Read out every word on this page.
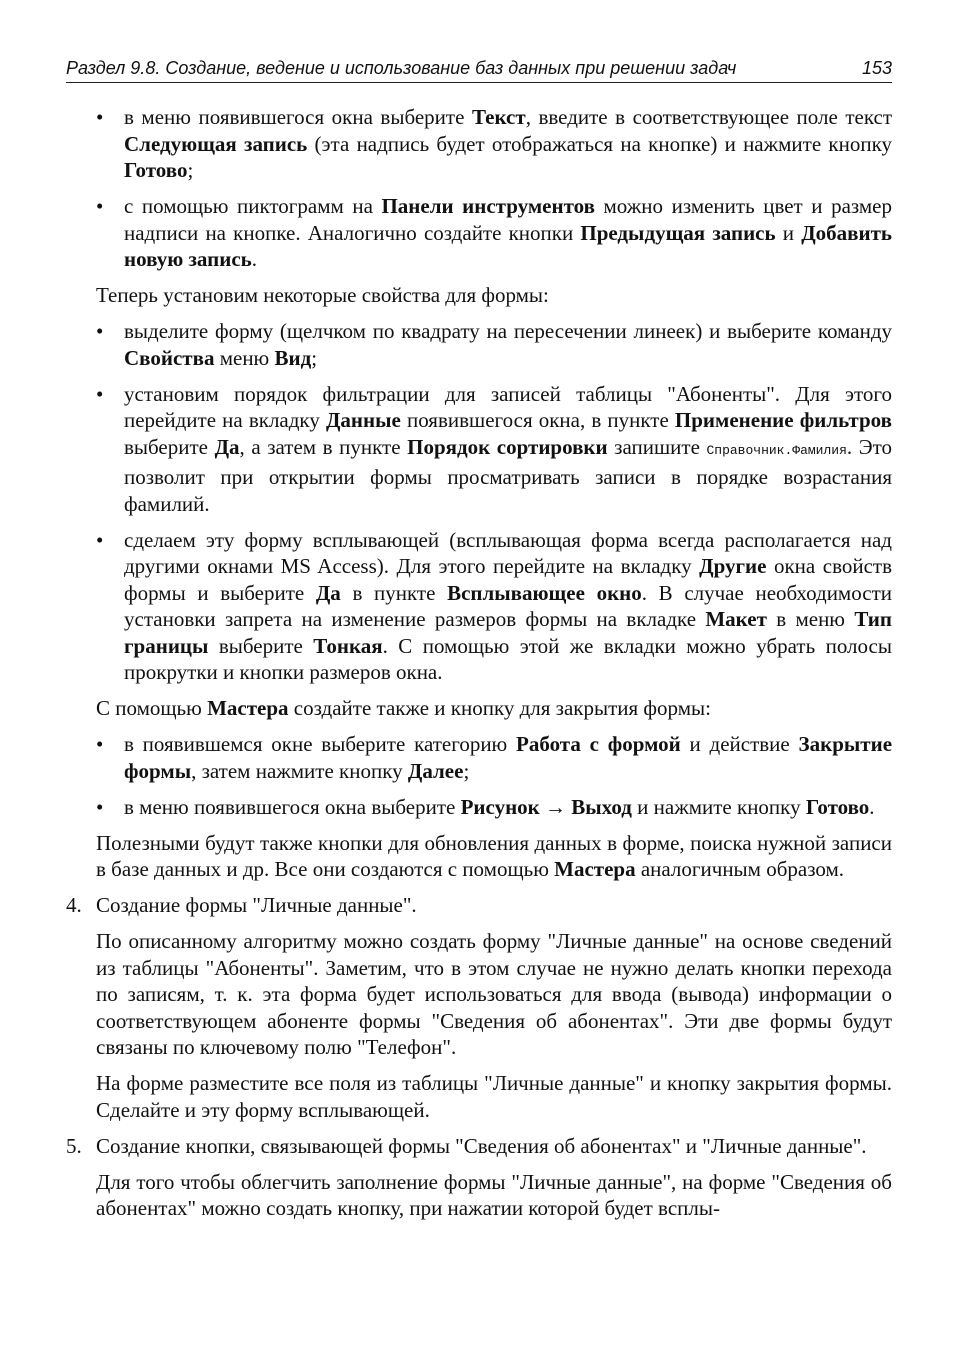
Раздел 9.8. Создание, ведение и использование баз данных при решении задач	153
• в меню появившегося окна выберите Текст, введите в соответствующее поле текст Следующая запись (эта надпись будет отображаться на кнопке) и нажмите кнопку Готово;
• с помощью пиктограмм на Панели инструментов можно изменить цвет и размер надписи на кнопке. Аналогично создайте кнопки Предыдущая запись и Добавить новую запись.

Теперь установим некоторые свойства для формы:

• выделите форму (щелчком по квадрату на пересечении линеек) и выберите команду Свойства меню Вид;
• установим порядок фильтрации для записей таблицы "Абоненты". Для этого перейдите на вкладку Данные появившегося окна, в пункте Применение фильтров выберите Да, а затем в пункте Порядок сортировки запишите Справочник.Фамилия. Это позволит при открытии формы просматривать записи в порядке возрастания фамилий.
• сделаем эту форму всплывающей (всплывающая форма всегда располагается над другими окнами MS Access). Для этого перейдите на вкладку Другие окна свойств формы и выберите Да в пункте Всплывающее окно. В случае необходимости установки запрета на изменение размеров формы на вкладке Макет в меню Тип границы выберите Тонкая. С помощью этой же вкладки можно убрать полосы прокрутки и кнопки размеров окна.

С помощью Мастера создайте также и кнопку для закрытия формы:

• в появившемся окне выберите категорию Работа с формой и действие Закрытие формы, затем нажмите кнопку Далее;
• в меню появившегося окна выберите Рисунок → Выход и нажмите кнопку Готово.

Полезными будут также кнопки для обновления данных в форме, поиска нужной записи в базе данных и др. Все они создаются с помощью Мастера аналогичным образом.

4. Создание формы "Личные данные".

По описанному алгоритму можно создать форму "Личные данные" на основе сведений из таблицы "Абоненты". Заметим, что в этом случае не нужно делать кнопки перехода по записям, т. к. эта форма будет использоваться для ввода (вывода) информации о соответствующем абоненте формы "Сведения об абонентах". Эти две формы будут связаны по ключевому полю "Телефон".

На форме разместите все поля из таблицы "Личные данные" и кнопку закрытия формы. Сделайте и эту форму всплывающей.

5. Создание кнопки, связывающей формы "Сведения об абонентах" и "Личные данные".

Для того чтобы облегчить заполнение формы "Личные данные", на форме "Сведения об абонентах" можно создать кнопку, при нажатии которой будет всплы-
